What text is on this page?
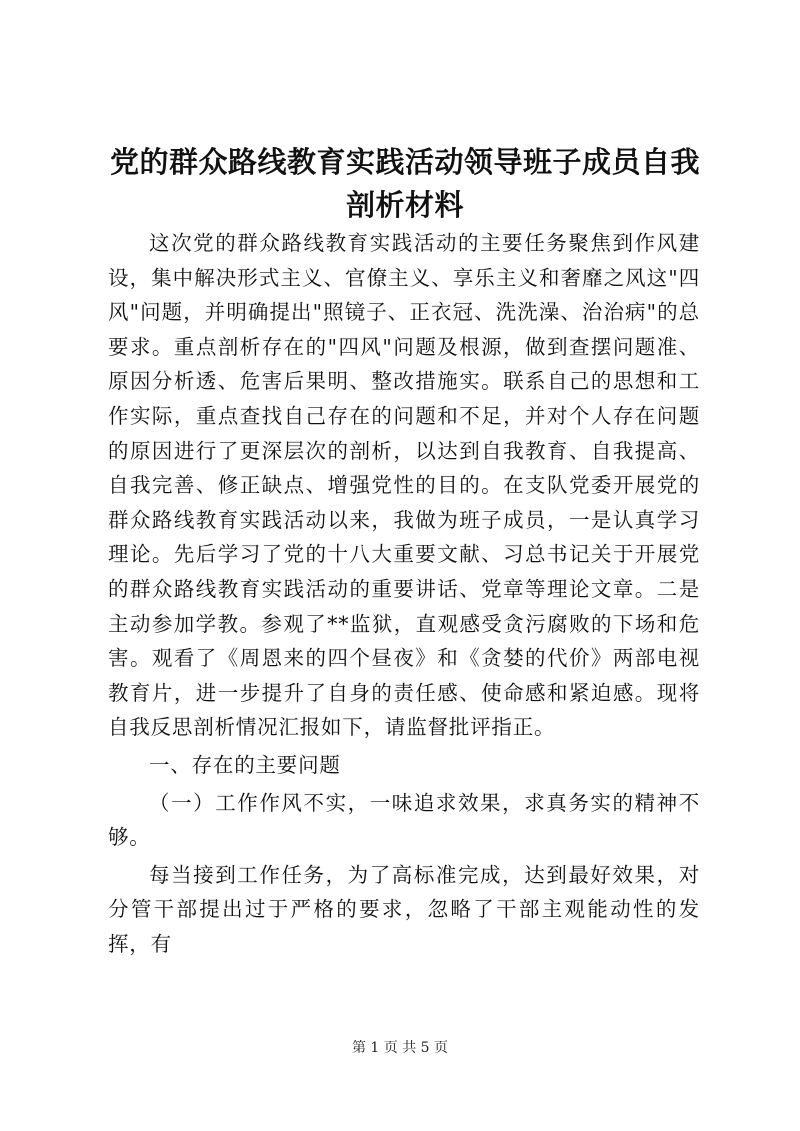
党的群众路线教育实践活动领导班子成员自我剖析材料

这次党的群众路线教育实践活动的主要任务聚焦到作风建设，集中解决形式主义、官僚主义、享乐主义和奢靡之风这"四风"问题，并明确提出"照镜子、正衣冠、洗洗澡、治治病"的总要求。重点剖析存在的"四风"问题及根源，做到查摆问题准、原因分析透、危害后果明、整改措施实。联系自己的思想和工作实际，重点查找自己存在的问题和不足，并对个人存在问题的原因进行了更深层次的剖析，以达到自我教育、自我提高、自我完善、修正缺点、增强党性的目的。在支队党委开展党的群众路线教育实践活动以来，我做为班子成员，一是认真学习理论。先后学习了党的十八大重要文献、习总书记关于开展党的群众路线教育实践活动的重要讲话、党章等理论文章。二是主动参加学教。参观了**监狱，直观感受贪污腐败的下场和危害。观看了《周恩来的四个昼夜》和《贪婪的代价》两部电视教育片，进一步提升了自身的责任感、使命感和紧迫感。现将自我反思剖析情况汇报如下，请监督批评指正。

一、存在的主要问题

（一）工作作风不实，一味追求效果，求真务实的精神不够。

每当接到工作任务，为了高标准完成，达到最好效果，对分管干部提出过于严格的要求，忽略了干部主观能动性的发挥，有

第 1 页 共 5 页
